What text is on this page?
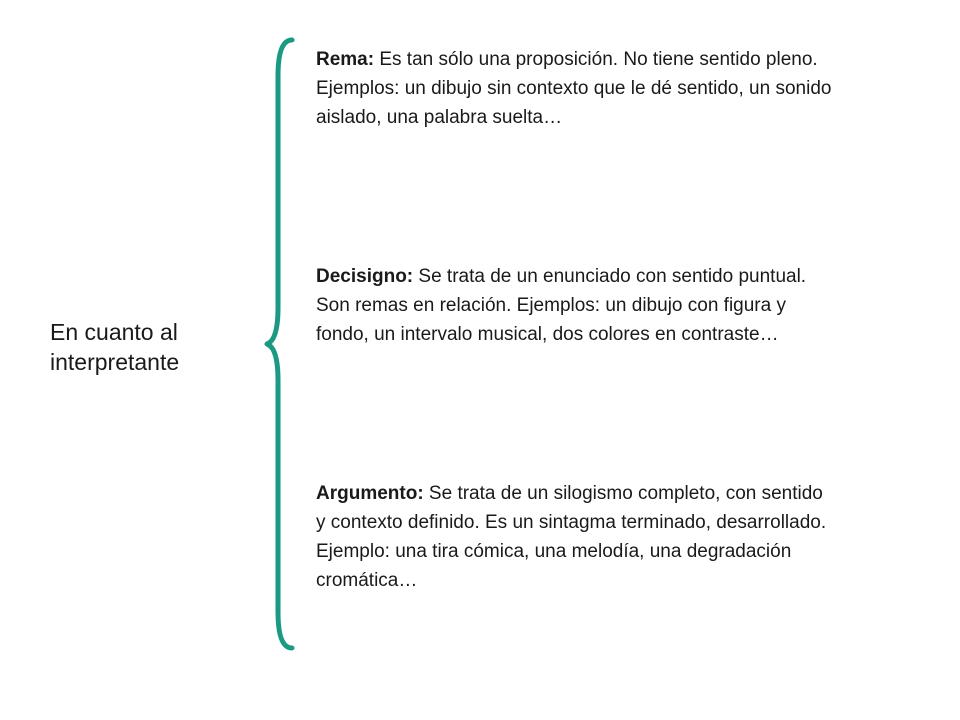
En cuanto al interpretante
Rema: Es tan sólo una proposición. No tiene sentido pleno. Ejemplos: un dibujo sin contexto que le dé sentido, un sonido aislado, una palabra suelta…
Decisigno: Se trata de un enunciado con sentido puntual. Son remas en relación. Ejemplos: un dibujo con figura y fondo, un intervalo musical, dos colores en contraste…
Argumento: Se trata de un silogismo completo, con sentido y contexto definido. Es un sintagma terminado, desarrollado. Ejemplo: una tira cómica, una melodía, una degradación cromática…
